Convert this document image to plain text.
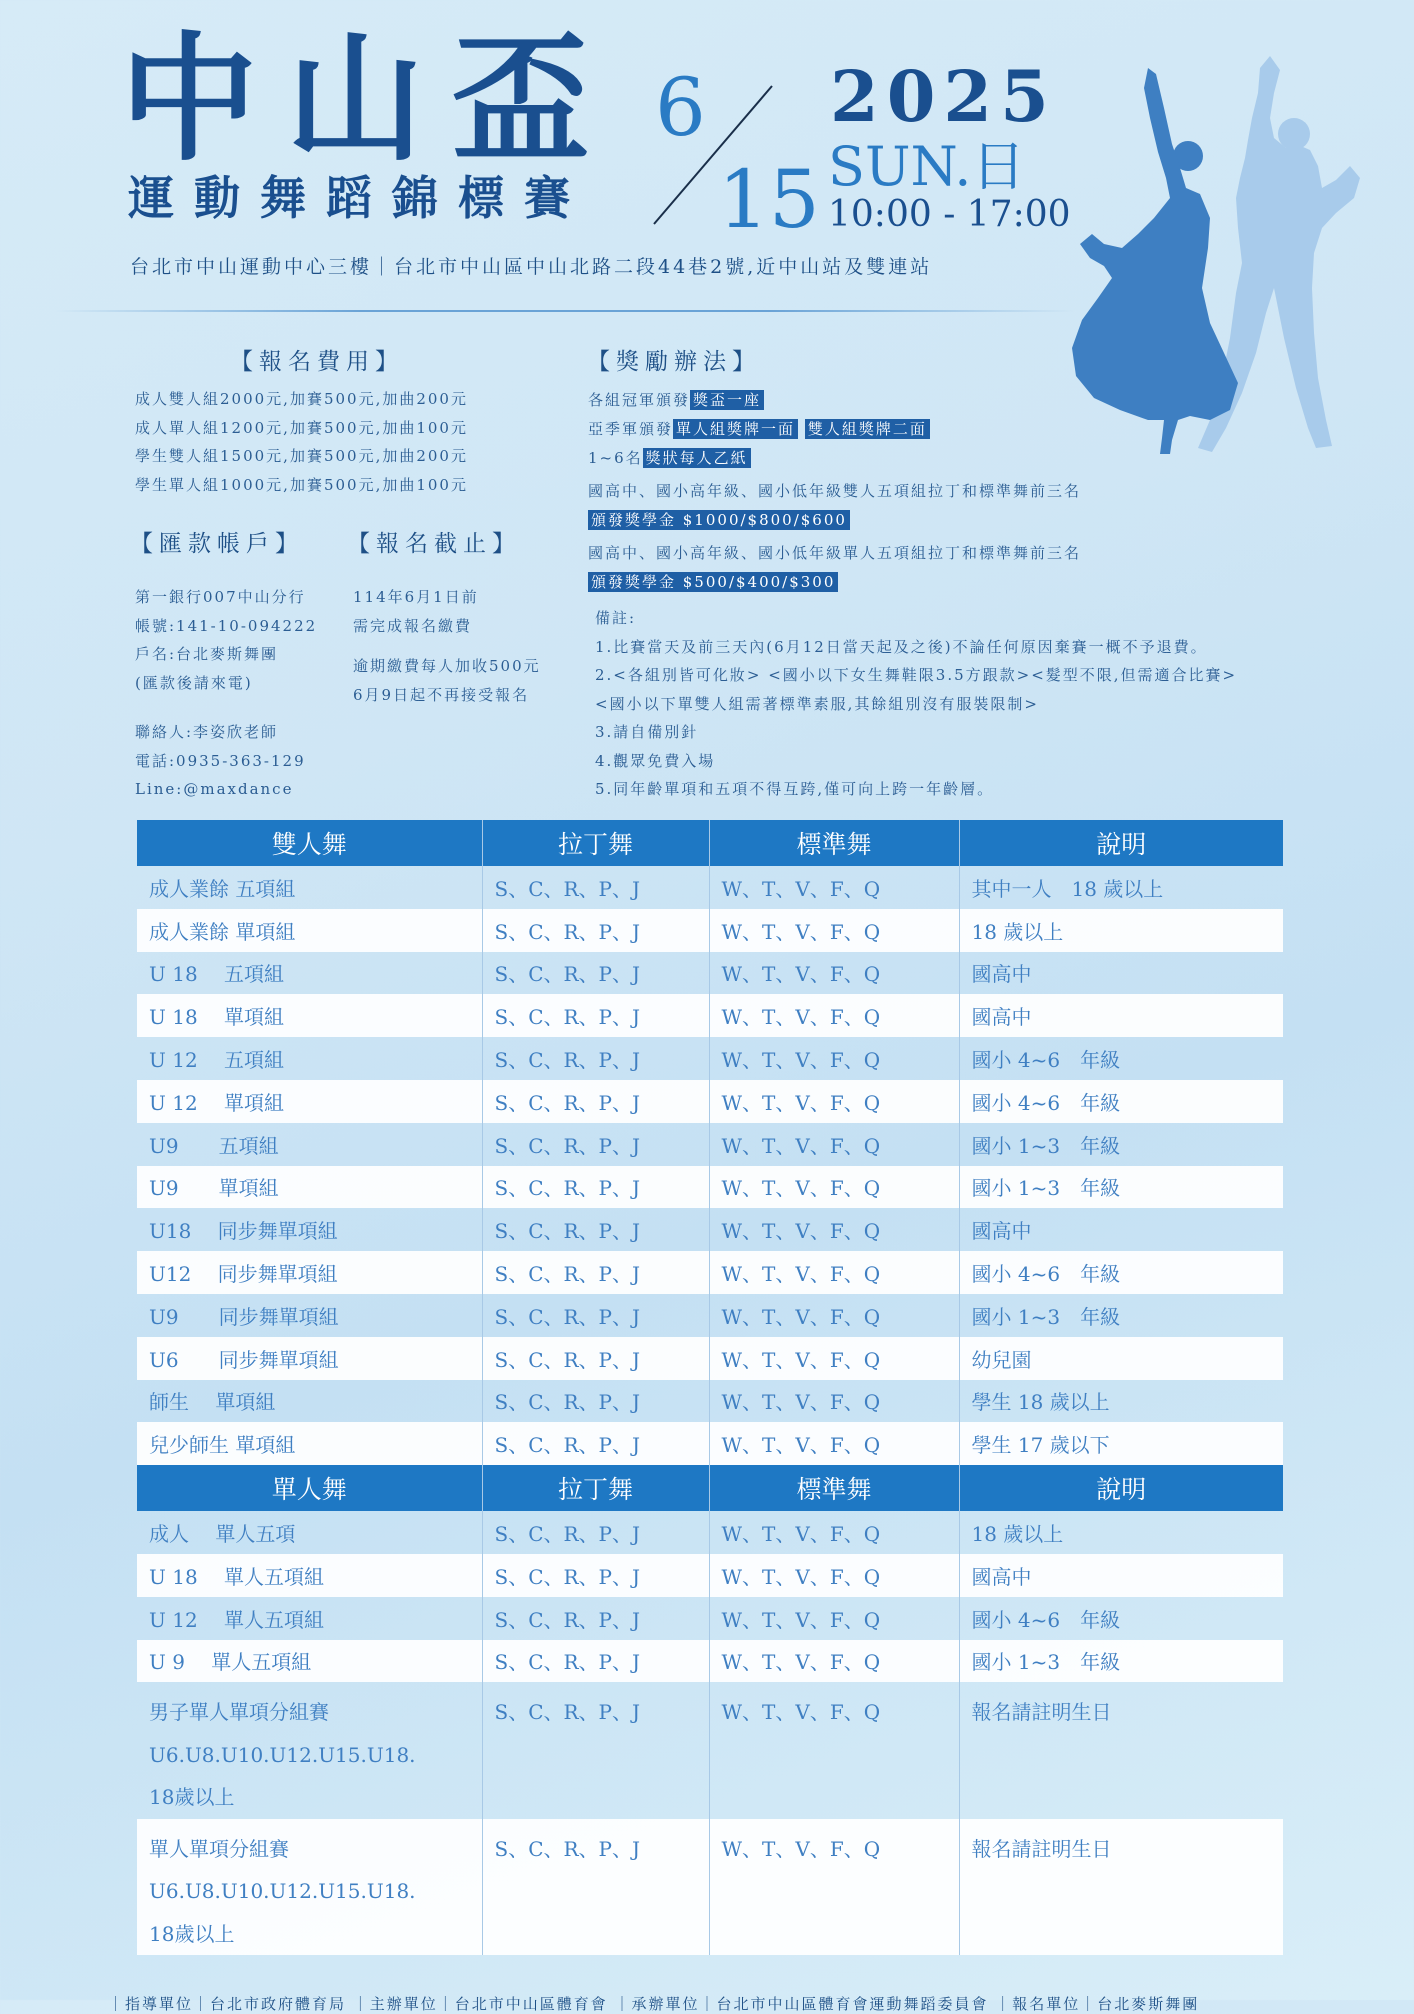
中山盃
運動舞蹈錦標賽
6
15
2025
SUN.日
10:00 - 17:00
台北市中山運動中心三樓｜台北市中山區中山北路二段44巷2號,近中山站及雙連站
【報名費用】
成人雙人組2000元,加賽500元,加曲200元
成人單人組1200元,加賽500元,加曲100元
學生雙人組1500元,加賽500元,加曲200元
學生單人組1000元,加賽500元,加曲100元
【匯款帳戶】 【報名截止】
第一銀行007中山分行
帳號:141-10-094222
戶名:台北麥斯舞團
(匯款後請來電)
114年6月1日前
需完成報名繳費
逾期繳費每人加收500元
6月9日起不再接受報名
聯絡人:李姿欣老師
電話:0935-363-129
Line:@maxdance
【獎勵辦法】
各組冠軍頒發 獎盃一座
亞季軍頒發 單人組獎牌一面 雙人組獎牌二面
1~6名 獎狀每人乙紙
國高中、國小高年級、國小低年級雙人五項組拉丁和標準舞前三名
頒發獎學金 $1000/$800/$600
國高中、國小高年級、國小低年級單人五項組拉丁和標準舞前三名
頒發獎學金 $500/$400/$300
備註:
1.比賽當天及前三天內(6月12日當天起及之後)不論任何原因棄賽一概不予退費。
2.<各組別皆可化妝> <國小以下女生舞鞋限3.5方跟款><髮型不限,但需適合比賽>
<國小以下單雙人組需著標準素服,其餘組別沒有服裝限制>
3.請自備別針
4.觀眾免費入場
5.同年齡單項和五項不得互跨,僅可向上跨一年齡層。
雙人舞	拉丁舞	標準舞	說明
成人業餘 五項組	S、C、R、P、J	W、T、V、F、Q	其中一人　18 歲以上
成人業餘 單項組	S、C、R、P、J	W、T、V、F、Q	18 歲以上
U 18　 五項組	S、C、R、P、J	W、T、V、F、Q	國高中
U 18　 單項組	S、C、R、P、J	W、T、V、F、Q	國高中
U 12　 五項組	S、C、R、P、J	W、T、V、F、Q	國小 4~6　年級
U 12　 單項組	S、C、R、P、J	W、T、V、F、Q	國小 4~6　年級
U9　　五項組	S、C、R、P、J	W、T、V、F、Q	國小 1~3　年級
U9　　單項組	S、C、R、P、J	W、T、V、F、Q	國小 1~3　年級
U18　 同步舞單項組	S、C、R、P、J	W、T、V、F、Q	國高中
U12　 同步舞單項組	S、C、R、P、J	W、T、V、F、Q	國小 4~6　年級
U9　　同步舞單項組	S、C、R、P、J	W、T、V、F、Q	國小 1~3　年級
U6　　同步舞單項組	S、C、R、P、J	W、T、V、F、Q	幼兒園
師生　 單項組	S、C、R、P、J	W、T、V、F、Q	學生 18 歲以上
兒少師生 單項組	S、C、R、P、J	W、T、V、F、Q	學生 17 歲以下
單人舞	拉丁舞	標準舞	說明
成人　 單人五項	S、C、R、P、J	W、T、V、F、Q	18 歲以上
U 18　 單人五項組	S、C、R、P、J	W、T、V、F、Q	國高中
U 12　 單人五項組	S、C、R、P、J	W、T、V、F、Q	國小 4~6　年級
U 9　 單人五項組	S、C、R、P、J	W、T、V、F、Q	國小 1~3　年級

男子單人單項分組賽
U6.U8.U10.U12.U15.U18.
18歲以上	S、C、R、P、J	W、T、V、F、Q	報名請註明生日

單人單項分組賽
U6.U8.U10.U12.U15.U18.
18歲以上	S、C、R、P、J	W、T、V、F、Q	報名請註明生日
｜指導單位｜台北市政府體育局 ｜主辦單位｜台北市中山區體育會 ｜承辦單位｜台北市中山區體育會運動舞蹈委員會 ｜報名單位｜台北麥斯舞團
